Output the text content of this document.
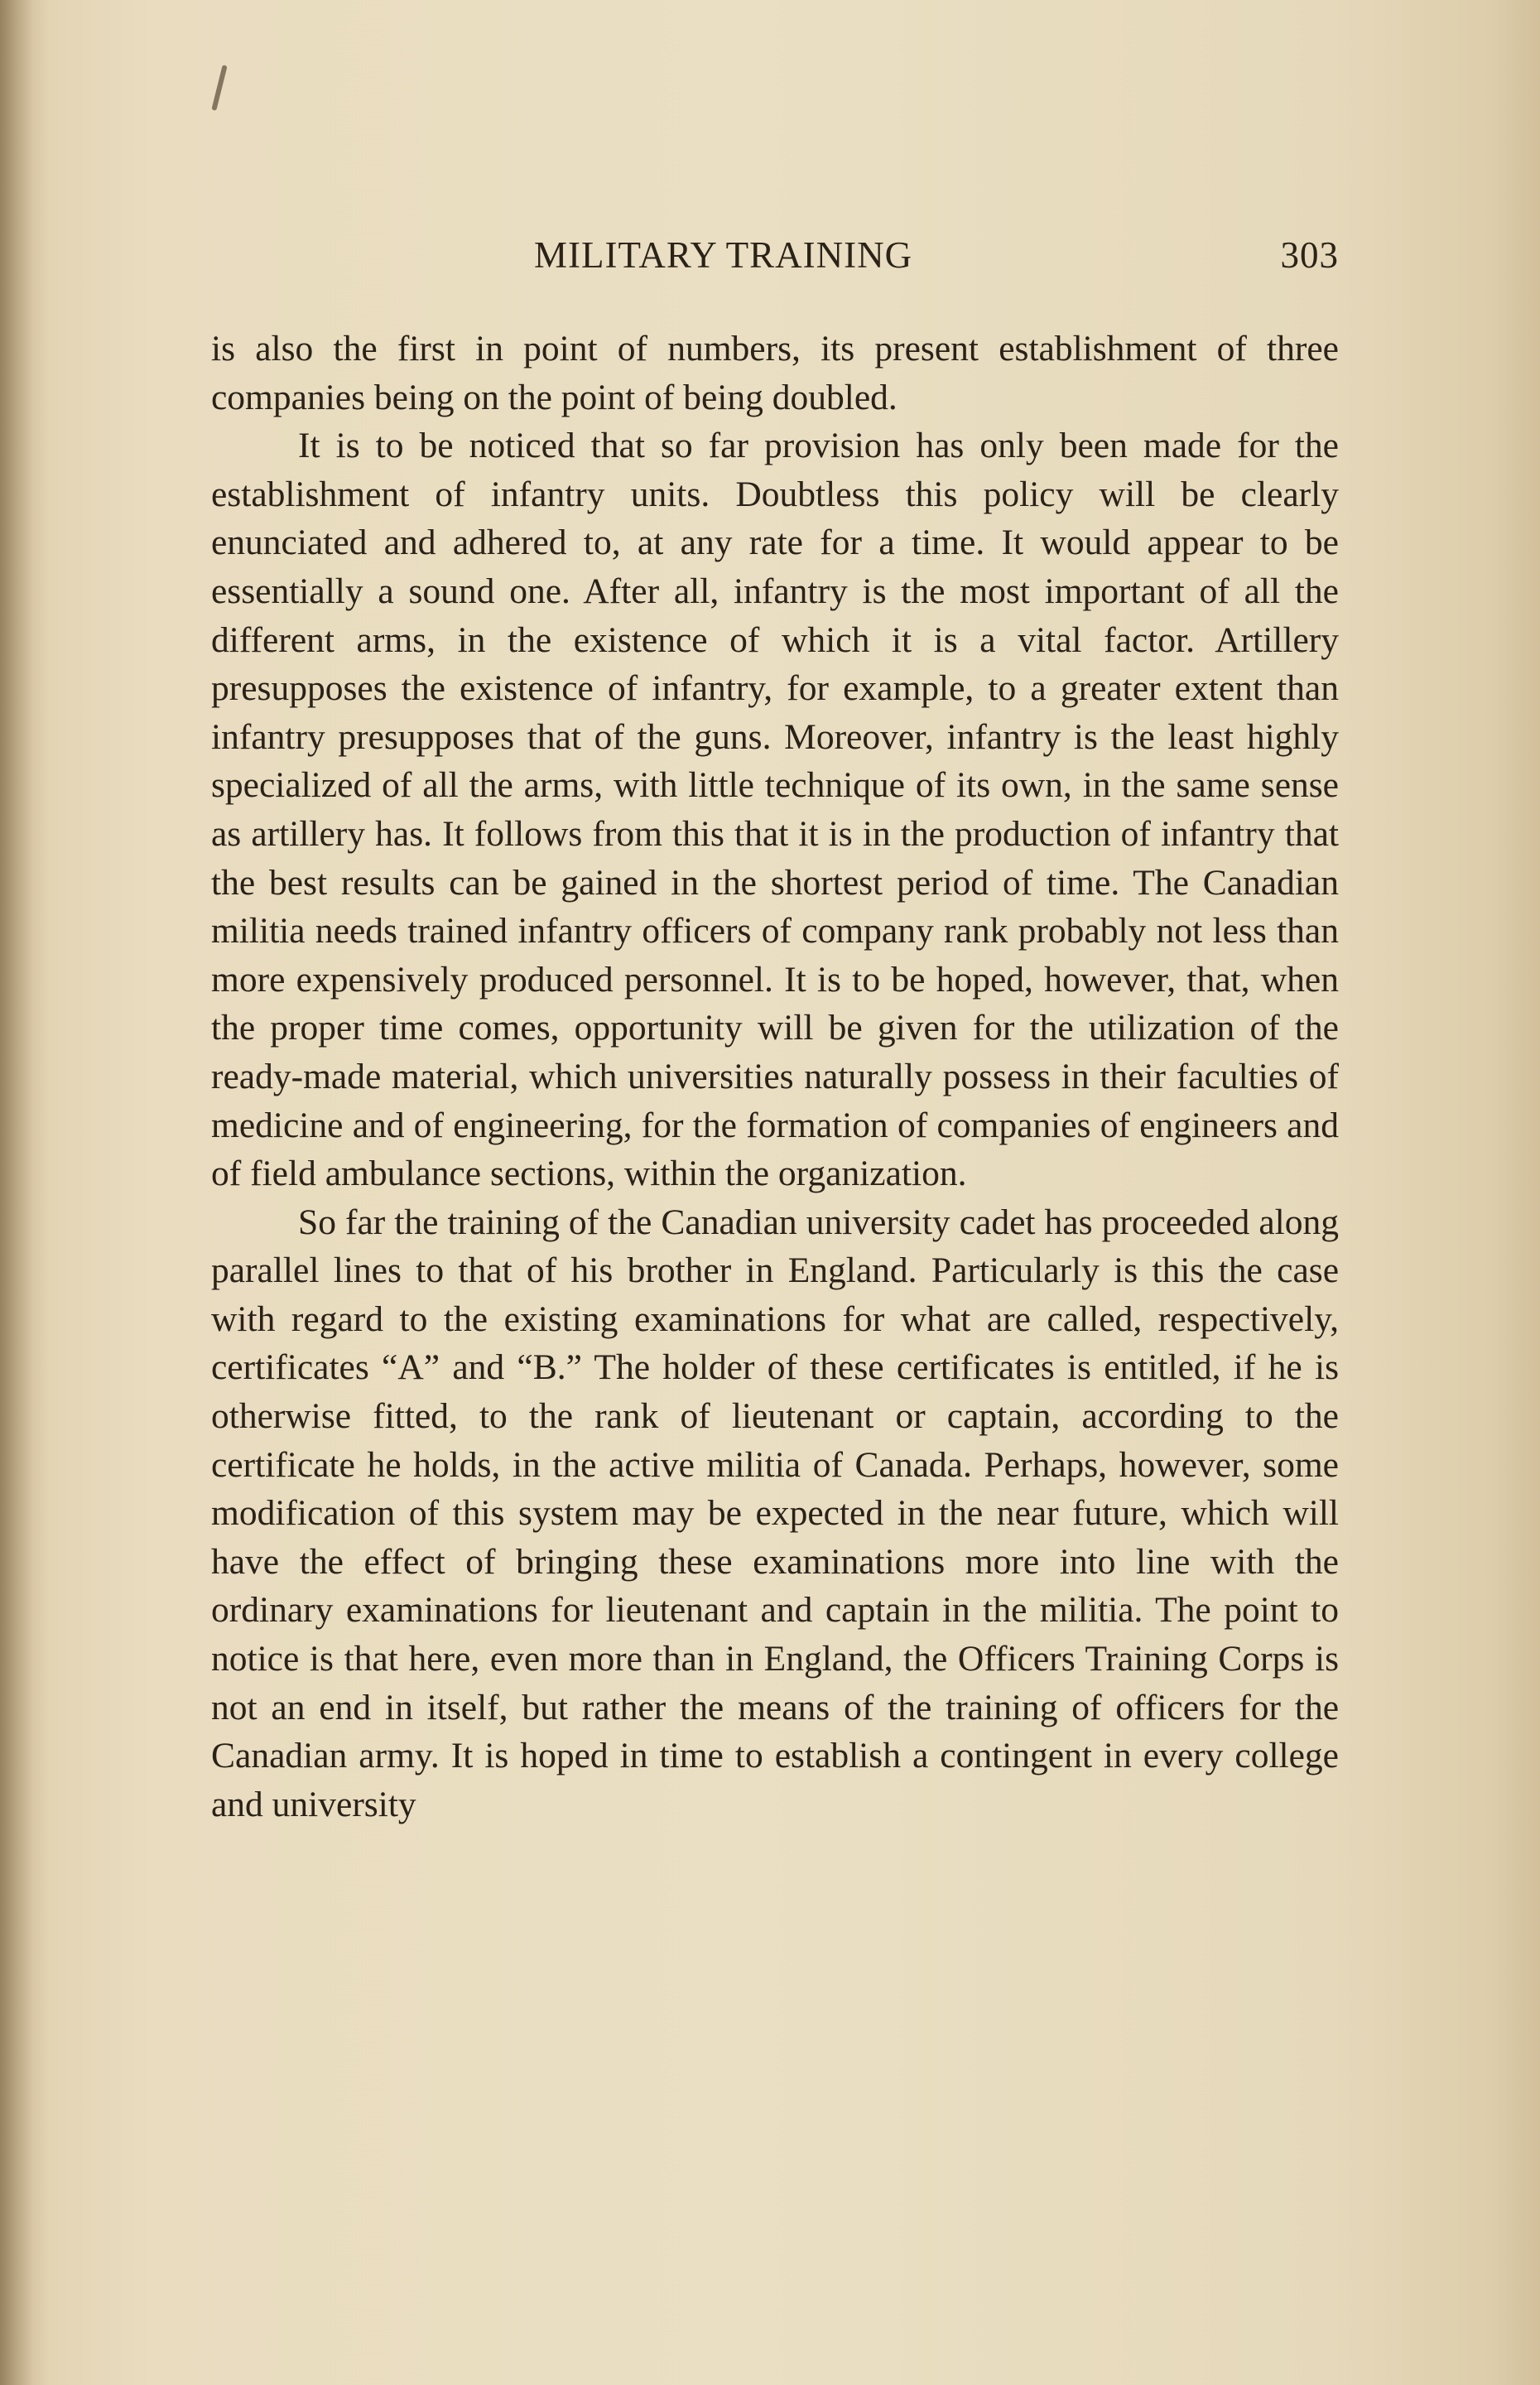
MILITARY TRAINING	303

is also the first in point of numbers, its present establishment of three companies being on the point of being doubled.

It is to be noticed that so far provision has only been made for the establishment of infantry units. Doubtless this policy will be clearly enunciated and adhered to, at any rate for a time. It would appear to be essentially a sound one. After all, infantry is the most important of all the different arms, in the existence of which it is a vital factor. Artillery presupposes the existence of infantry, for example, to a greater extent than infantry presupposes that of the guns. Moreover, infantry is the least highly specialized of all the arms, with little technique of its own, in the same sense as artillery has. It follows from this that it is in the production of infantry that the best results can be gained in the shortest period of time. The Canadian militia needs trained infantry officers of company rank probably not less than more expensively produced personnel. It is to be hoped, however, that, when the proper time comes, opportunity will be given for the utilization of the ready-made material, which universities naturally possess in their faculties of medicine and of engineering, for the formation of companies of engineers and of field ambulance sections, within the organization.

So far the training of the Canadian university cadet has proceeded along parallel lines to that of his brother in England. Particularly is this the case with regard to the existing examinations for what are called, respectively, certificates “A” and “B.” The holder of these certificates is entitled, if he is otherwise fitted, to the rank of lieutenant or captain, according to the certificate he holds, in the active militia of Canada. Perhaps, however, some modification of this system may be expected in the near future, which will have the effect of bringing these examinations more into line with the ordinary examinations for lieutenant and captain in the militia. The point to notice is that here, even more than in England, the Officers Training Corps is not an end in itself, but rather the means of the training of officers for the Canadian army. It is hoped in time to establish a contingent in every college and university
